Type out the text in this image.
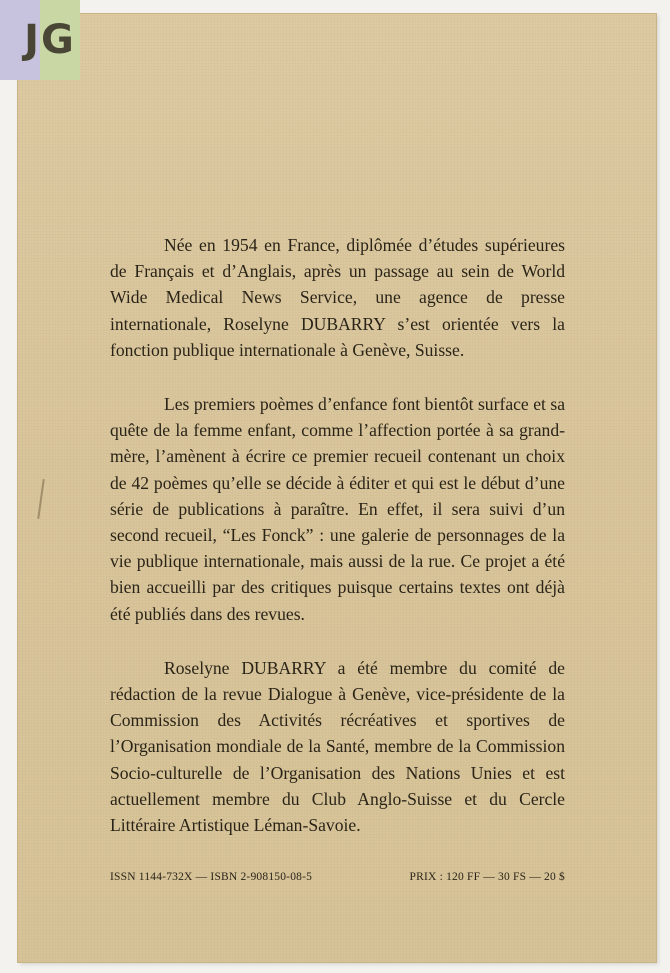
J G

Née en 1954 en France, diplômée d’études supérieures de Français et d’Anglais, après un passage au sein de World Wide Medical News Service, une agence de presse internationale, Roselyne DUBARRY s’est orientée vers la fonction publique internationale à Genève, Suisse.

Les premiers poèmes d’enfance font bientôt surface et sa quête de la femme enfant, comme l’affection portée à sa grand-mère, l’amènent à écrire ce premier recueil contenant un choix de 42 poèmes qu’elle se décide à éditer et qui est le début d’une série de publications à paraître. En effet, il sera suivi d’un second recueil, “Les Fonck” : une galerie de personnages de la vie publique internationale, mais aussi de la rue. Ce projet a été bien accueilli par des critiques puisque certains textes ont déjà été publiés dans des revues.

Roselyne DUBARRY a été membre du comité de rédaction de la revue Dialogue à Genève, vice-présidente de la Commission des Activités récréatives et sportives de l’Organisation mondiale de la Santé, membre de la Commission Socio-culturelle de l’Organisation des Nations Unies et est actuellement membre du Club Anglo-Suisse et du Cercle Littéraire Artistique Léman-Savoie.

ISSN 1144-732X — ISBN 2-908150-08-5	PRIX : 120 FF — 30 FS — 20 $
